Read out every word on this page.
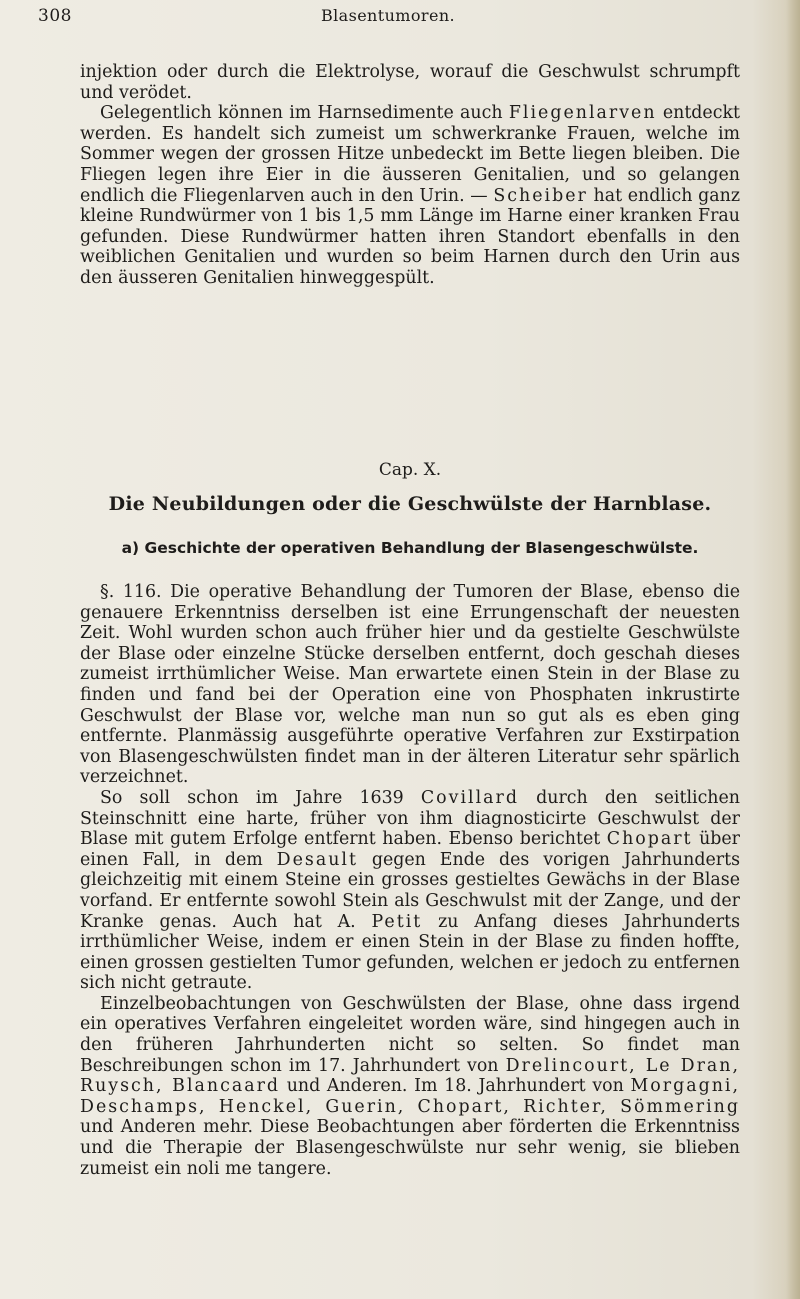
308	Blasentumoren.

injektion oder durch die Elektrolyse, worauf die Geschwulst schrumpft und verödet.

Gelegentlich können im Harnsedimente auch Fliegenlarven entdeckt werden. Es handelt sich zumeist um schwerkranke Frauen, welche im Sommer wegen der grossen Hitze unbedeckt im Bette liegen bleiben. Die Fliegen legen ihre Eier in die äusseren Genitalien, und so gelangen endlich die Fliegenlarven auch in den Urin. — Scheiber hat endlich ganz kleine Rundwürmer von 1 bis 1,5 mm Länge im Harne einer kranken Frau gefunden. Diese Rundwürmer hatten ihren Standort ebenfalls in den weiblichen Genitalien und wurden so beim Harnen durch den Urin aus den äusseren Genitalien hinweggespült.

Cap. X.
Die Neubildungen oder die Geschwülste der Harnblase.
a) Geschichte der operativen Behandlung der Blasengeschwülste.

§. 116. Die operative Behandlung der Tumoren der Blase, ebenso die genauere Erkenntniss derselben ist eine Errungenschaft der neuesten Zeit. Wohl wurden schon auch früher hier und da gestielte Geschwülste der Blase oder einzelne Stücke derselben entfernt, doch geschah dieses zumeist irrthümlicher Weise. Man erwartete einen Stein in der Blase zu finden und fand bei der Operation eine von Phosphaten inkrustirte Geschwulst der Blase vor, welche man nun so gut als es eben ging entfernte. Planmässig ausgeführte operative Verfahren zur Exstirpation von Blasengeschwülsten findet man in der älteren Literatur sehr spärlich verzeichnet.

So soll schon im Jahre 1639 Covillard durch den seitlichen Steinschnitt eine harte, früher von ihm diagnosticirte Geschwulst der Blase mit gutem Erfolge entfernt haben. Ebenso berichtet Chopart über einen Fall, in dem Desault gegen Ende des vorigen Jahrhunderts gleichzeitig mit einem Steine ein grosses gestieltes Gewächs in der Blase vorfand. Er entfernte sowohl Stein als Geschwulst mit der Zange, und der Kranke genas. Auch hat A. Petit zu Anfang dieses Jahrhunderts irrthümlicher Weise, indem er einen Stein in der Blase zu finden hoffte, einen grossen gestielten Tumor gefunden, welchen er jedoch zu entfernen sich nicht getraute.

Einzelbeobachtungen von Geschwülsten der Blase, ohne dass irgend ein operatives Verfahren eingeleitet worden wäre, sind hingegen auch in den früheren Jahrhunderten nicht so selten. So findet man Beschreibungen schon im 17. Jahrhundert von Drelincourt, Le Dran, Ruysch, Blancaard und Anderen. Im 18. Jahrhundert von Morgagni, Deschamps, Henckel, Guerin, Chopart, Richter, Sömmering und Anderen mehr. Diese Beobachtungen aber förderten die Erkenntniss und die Therapie der Blasengeschwülste nur sehr wenig, sie blieben zumeist ein noli me tangere.
